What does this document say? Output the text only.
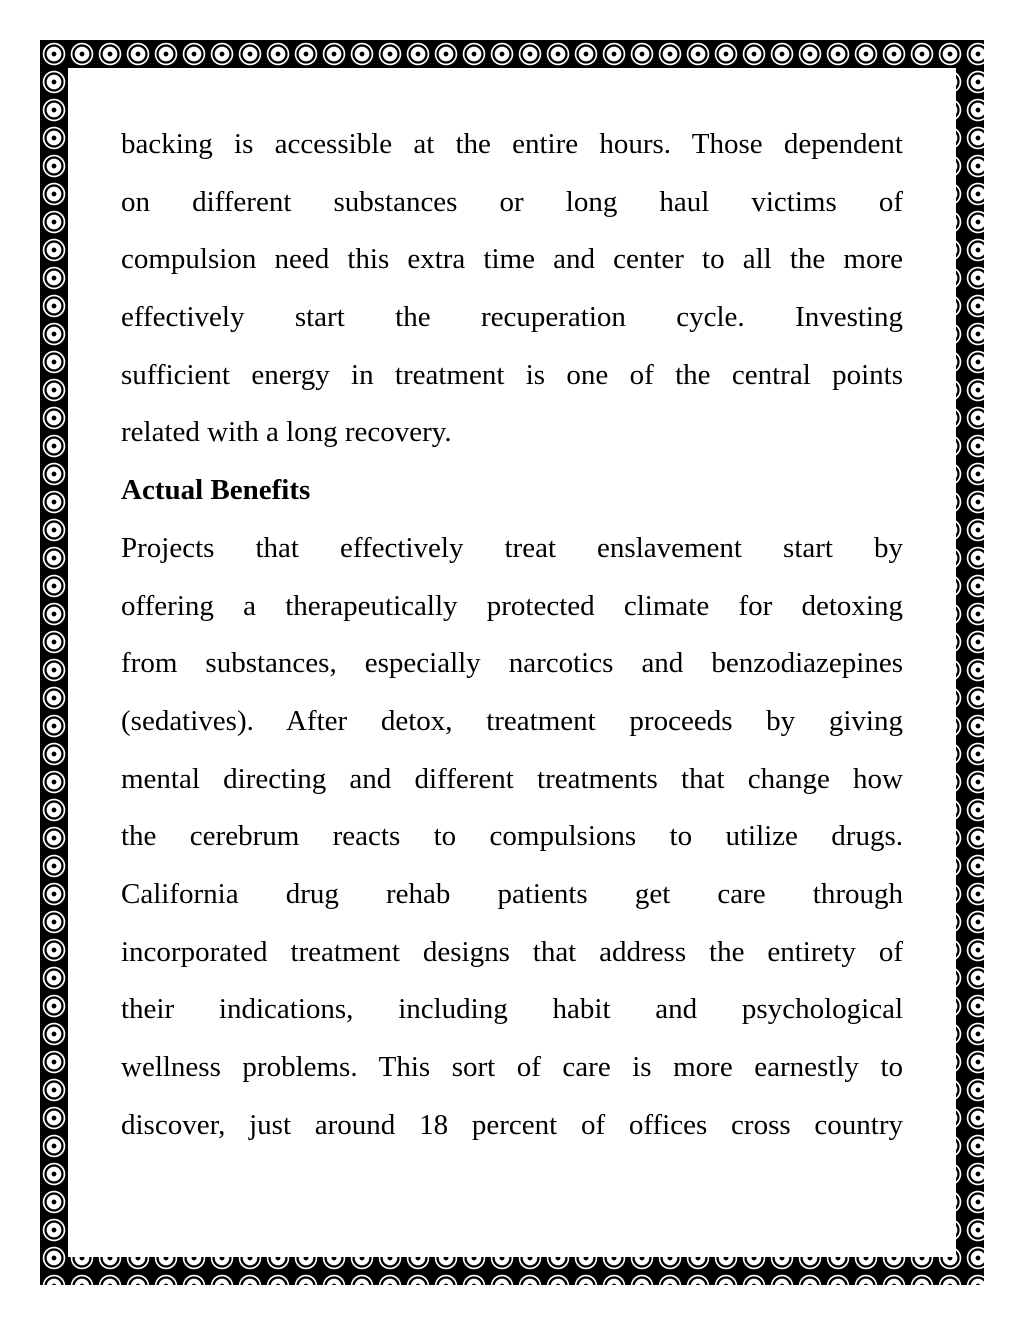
backing is accessible at the entire hours. Those dependent
on different substances or long haul victims of
compulsion need this extra time and center to all the more
effectively start the recuperation cycle. Investing
sufficient energy in treatment is one of the central points
related with a long recovery.

Actual Benefits

Projects that effectively treat enslavement start by
offering a therapeutically protected climate for detoxing
from substances, especially narcotics and benzodiazepines
(sedatives). After detox, treatment proceeds by giving
mental directing and different treatments that change how
the cerebrum reacts to compulsions to utilize drugs.
California drug rehab patients get care through
incorporated treatment designs that address the entirety of
their indications, including habit and psychological
wellness problems. This sort of care is more earnestly to
discover, just around 18 percent of offices cross country
